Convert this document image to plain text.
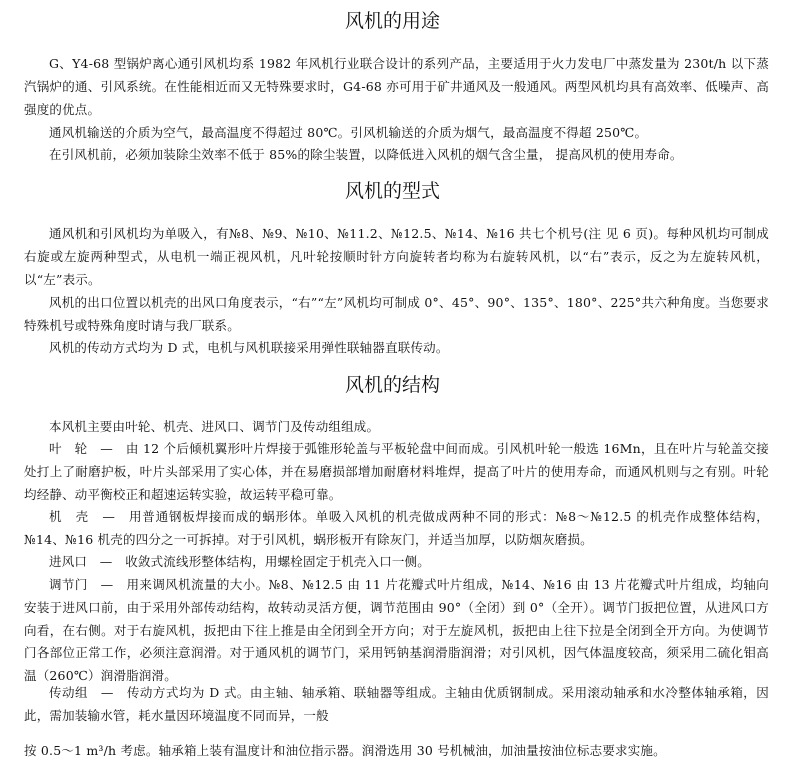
风机的用途

G、Y4-68 型锅炉离心通引风机均系 1982 年风机行业联合设计的系列产品，主要适用于火力发电厂中蒸发量为 230t/h 以下蒸汽锅炉的通、引风系统。在性能相近而又无特殊要求时，G4-68 亦可用于矿井通风及一般通风。两型风机均具有高效率、低噪声、高强度的优点。

通风机输送的介质为空气，最高温度不得超过 80℃。引风机输送的介质为烟气，最高温度不得超 250℃。

在引风机前，必须加装除尘效率不低于 85%的除尘装置，以降低进入风机的烟气含尘量， 提高风机的使用寿命。

风机的型式

通风机和引风机均为单吸入，有№8、№9、№10、№11.2、№12.5、№14、№16 共七个机号(注 见 6 页)。每种风机均可制成右旋或左旋两种型式，从电机一端正视风机，凡叶轮按顺时针方向旋转者均称为右旋转风机，以“右”表示，反之为左旋转风机，以“左”表示。

风机的出口位置以机壳的出风口角度表示，“右”“左”风机均可制成 0°、45°、90°、135°、180°、225°共六种角度。当您要求特殊机号或特殊角度时请与我厂联系。

风机的传动方式均为 D 式，电机与风机联接采用弹性联轴器直联传动。

风机的结构

本风机主要由叶轮、机壳、进风口、调节门及传动组组成。

叶　轮　—　由 12 个后倾机翼形叶片焊接于弧锥形轮盖与平板轮盘中间而成。引风机叶轮一般选 16Mn，且在叶片与轮盖交接处打上了耐磨护板，叶片头部采用了实心体，并在易磨损部增加耐磨材料堆焊，提高了叶片的使用寿命，而通风机则与之有别。叶轮均经静、动平衡校正和超速运转实验，故运转平稳可靠。

机　壳　—　用普通钢板焊接而成的蜗形体。单吸入风机的机壳做成两种不同的形式：№8～№12.5 的机壳作成整体结构，№14、№16 机壳的四分之一可拆掉。对于引风机，蜗形板开有除灰门，并适当加厚，以防烟灰磨损。

进风口　—　收敛式流线形整体结构，用螺栓固定于机壳入口一侧。

调节门　—　用来调风机流量的大小。№8、№12.5 由 11 片花瓣式叶片组成，№14、№16 由 13 片花瓣式叶片组成，均轴向安装于进风口前，由于采用外部传动结构，故转动灵活方便，调节范围由 90°（全闭）到 0°（全开）。调节门扳把位置，从进风口方向看，在右侧。对于右旋风机，扳把由下往上推是由全闭到全开方向；对于左旋风机，扳把由上往下拉是全闭到全开方向。为使调节门各部位正常工作，必须注意润滑。对于通风机的调节门，采用钙钠基润滑脂润滑；对引风机，因气体温度较高，须采用二硫化钼高温（260℃）润滑脂润滑。

传动组　—　传动方式均为 D 式。由主轴、轴承箱、联轴器等组成。主轴由优质钢制成。采用滚动轴承和水冷整体轴承箱，因此，需加装输水管，耗水量因环境温度不同而异，一般

按 0.5～1 m³/h 考虑。轴承箱上装有温度计和油位指示器。润滑选用 30 号机械油，加油量按油位标志要求实施。
